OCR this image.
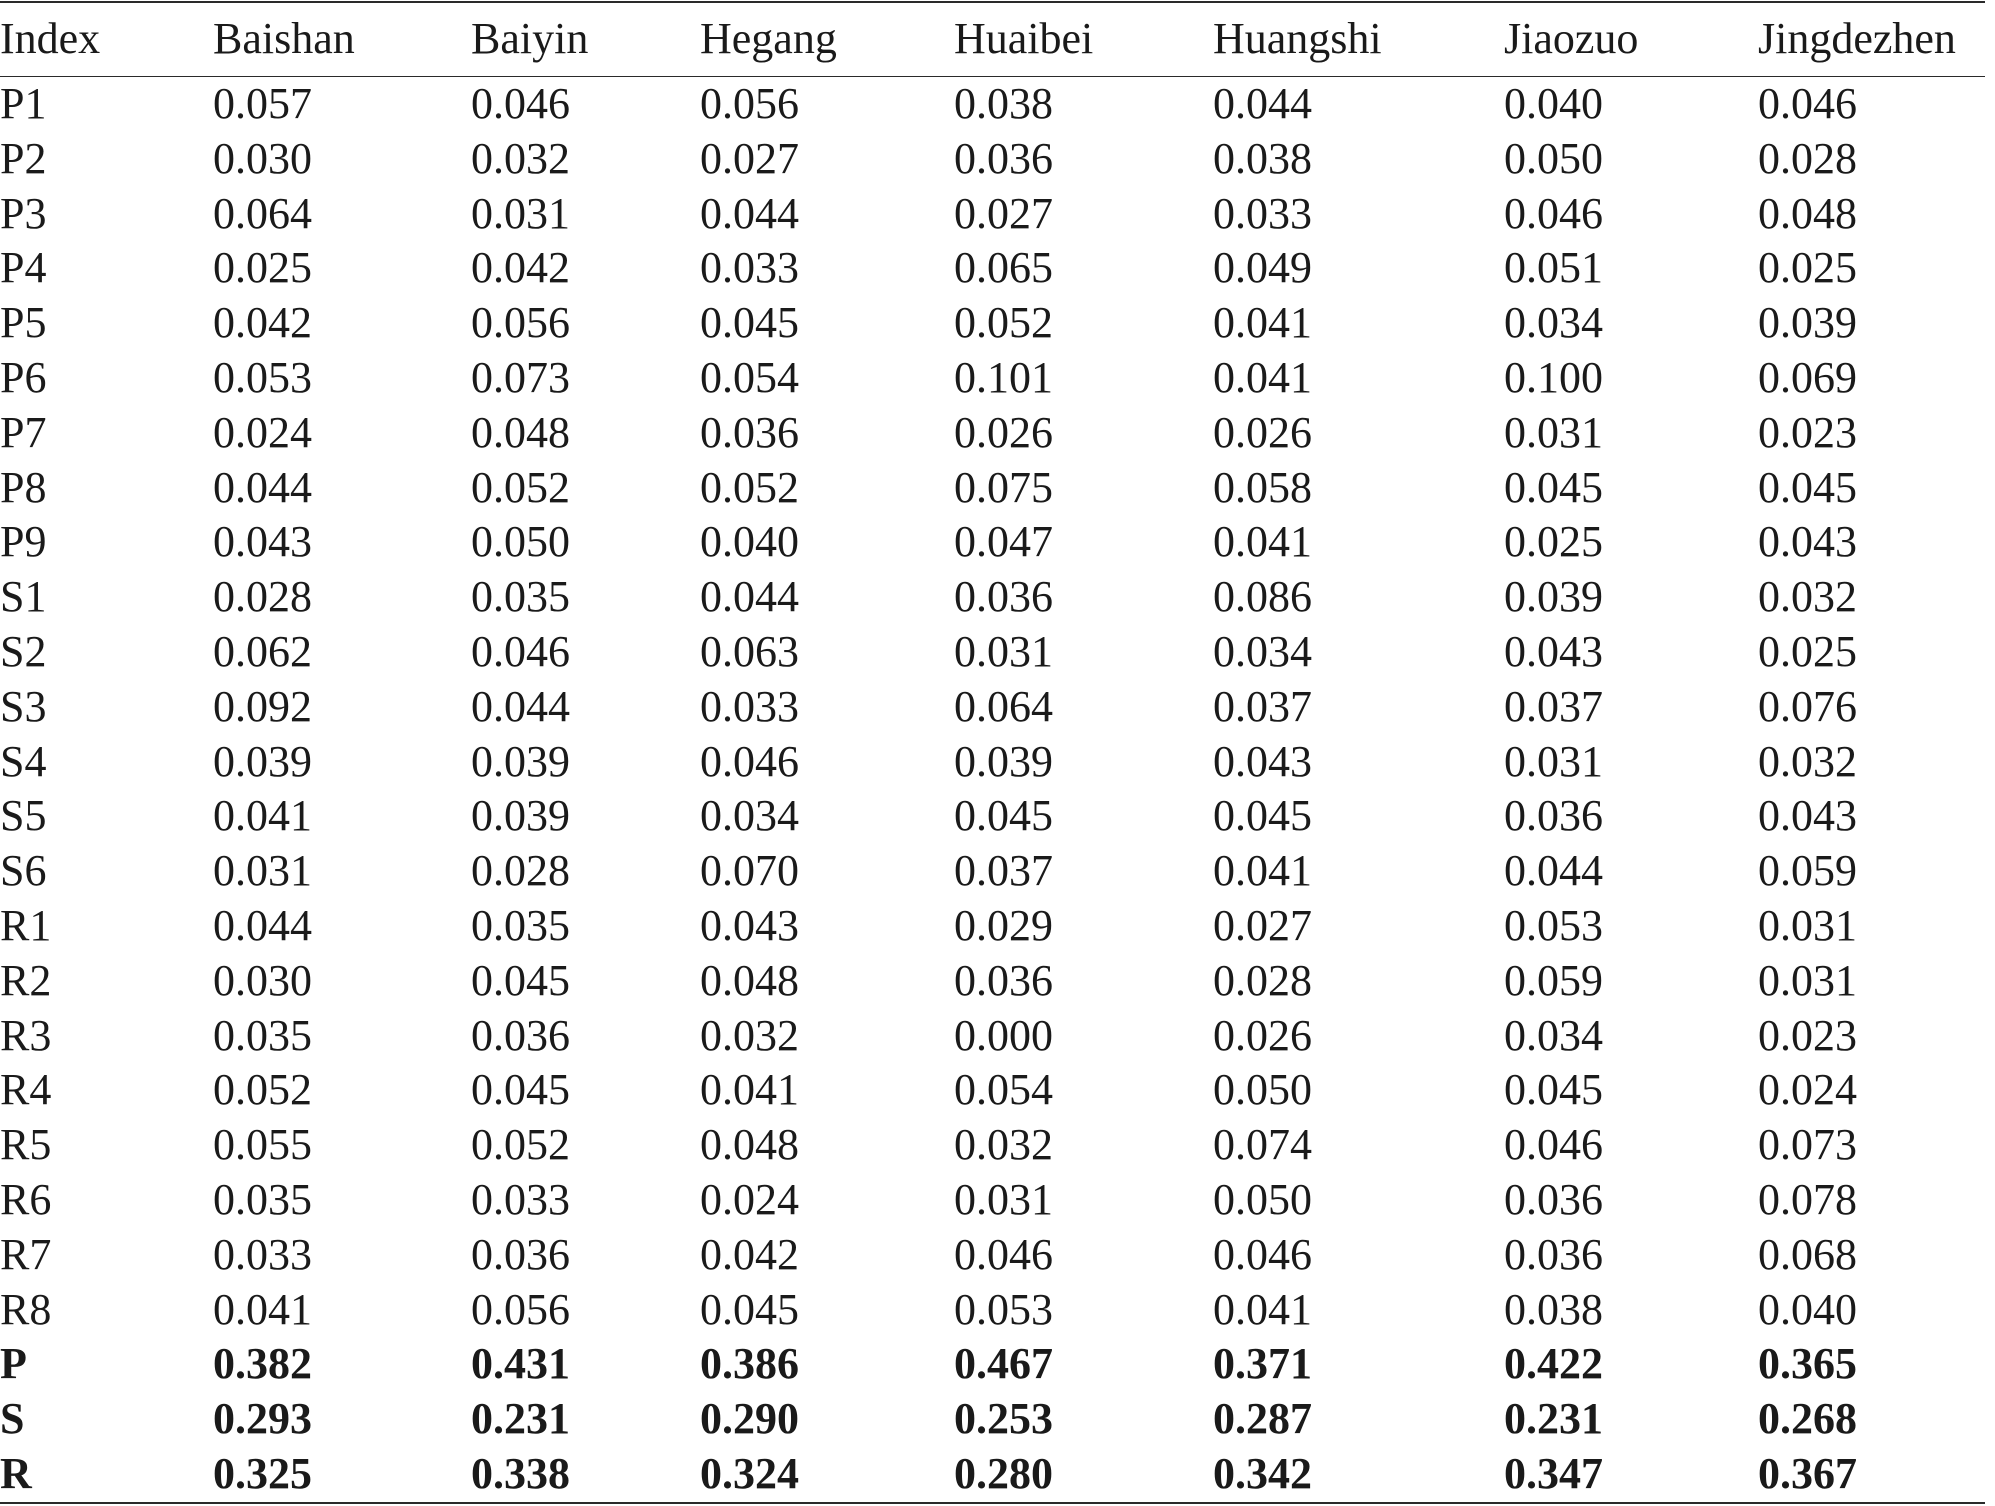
Index	Baishan	Baiyin	Hegang	Huaibei	Huangshi	Jiaozuo	Jingdezhen
P1	0.057	0.046	0.056	0.038	0.044	0.040	0.046
P2	0.030	0.032	0.027	0.036	0.038	0.050	0.028
P3	0.064	0.031	0.044	0.027	0.033	0.046	0.048
P4	0.025	0.042	0.033	0.065	0.049	0.051	0.025
P5	0.042	0.056	0.045	0.052	0.041	0.034	0.039
P6	0.053	0.073	0.054	0.101	0.041	0.100	0.069
P7	0.024	0.048	0.036	0.026	0.026	0.031	0.023
P8	0.044	0.052	0.052	0.075	0.058	0.045	0.045
P9	0.043	0.050	0.040	0.047	0.041	0.025	0.043
S1	0.028	0.035	0.044	0.036	0.086	0.039	0.032
S2	0.062	0.046	0.063	0.031	0.034	0.043	0.025
S3	0.092	0.044	0.033	0.064	0.037	0.037	0.076
S4	0.039	0.039	0.046	0.039	0.043	0.031	0.032
S5	0.041	0.039	0.034	0.045	0.045	0.036	0.043
S6	0.031	0.028	0.070	0.037	0.041	0.044	0.059
R1	0.044	0.035	0.043	0.029	0.027	0.053	0.031
R2	0.030	0.045	0.048	0.036	0.028	0.059	0.031
R3	0.035	0.036	0.032	0.000	0.026	0.034	0.023
R4	0.052	0.045	0.041	0.054	0.050	0.045	0.024
R5	0.055	0.052	0.048	0.032	0.074	0.046	0.073
R6	0.035	0.033	0.024	0.031	0.050	0.036	0.078
R7	0.033	0.036	0.042	0.046	0.046	0.036	0.068
R8	0.041	0.056	0.045	0.053	0.041	0.038	0.040
P	0.382	0.431	0.386	0.467	0.371	0.422	0.365
S	0.293	0.231	0.290	0.253	0.287	0.231	0.268
R	0.325	0.338	0.324	0.280	0.342	0.347	0.367
